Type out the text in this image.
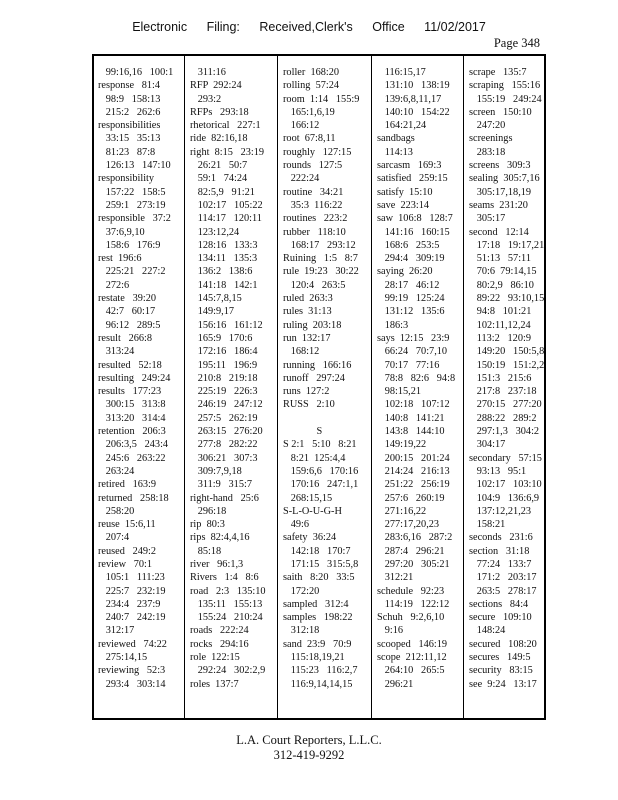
Electronic Filing: Received,Clerk's Office 11/02/2017
Page 348
99:16,16   100:1
response   81:4
98:9   158:13
215:2   262:6
responsibilities
33:15   35:13
81:23   87:8
126:13   147:10
responsibility
157:22   158:5
259:1   273:19
responsible   37:2
37:6,9,10
158:6   176:9
rest  196:6
225:21   227:2
272:6
restate   39:20
42:7   60:17
96:12   289:5
result   266:8
313:24
resulted   52:18
resulting   249:24
results   177:23
300:15   313:8
313:20   314:4
retention   206:3
206:3,5   243:4
245:6   263:22
263:24
retired   163:9
returned   258:18
258:20
reuse  15:6,11
207:4
reused   249:2
review   70:1
105:1   111:23
225:7   232:19
234:4   237:9
240:7   242:19
312:17
reviewed   74:22
275:14,15
reviewing   52:3
293:4   303:14
311:16
RFP  292:24
293:2
RFPs   293:18
rhetorical   227:1
ride  82:16,18
right  8:15   23:19
26:21   50:7
59:1   74:24
82:5,9   91:21
102:17   105:22
114:17   120:11
123:12,24
128:16   133:3
134:11   135:3
136:2   138:6
141:18   142:1
145:7,8,15
149:9,17
156:16   161:12
165:9   170:6
172:16   186:4
195:11   196:9
210:8   219:18
225:19   226:3
246:19   247:12
257:5   262:19
263:15   276:20
277:8   282:22
306:21   307:3
309:7,9,18
311:9   315:7
right-hand   25:6
296:18
rip  80:3
rips  82:4,4,16
85:18
river   96:1,3
Rivers   1:4   8:6
road   2:3   135:10
135:11   155:13
155:24   210:24
roads   222:24
rocks   294:16
role  122:15
292:24   302:2,9
roles  137:7
roller  168:20
rolling  57:24
room  1:14   155:9
165:1,6,19
166:12
root  67:8,11
roughly   127:15
rounds   127:5
222:24
routine   34:21
35:3  116:22
routines   223:2
rubber   118:10
168:17   293:12
Ruining   1:5   8:7
rule  19:23   30:22
120:4   263:5
ruled  263:3
rules  31:13
ruling  203:18
run  132:17
168:12
running   166:16
runoff   297:24
runs  127:2
RUSS   2:10

S
S 2:1   5:10   8:21
8:21  125:4,4
159:6,6   170:16
170:16   247:1,1
268:15,15
S-L-O-U-G-H
49:6
safety  36:24
142:18   170:7
171:15   315:5,8
saith   8:20   33:5
172:20
sampled   312:4
samples   198:22
312:18
sand  23:9   70:9
115:18,19,21
115:23   116:2,7
116:9,14,14,15
116:15,17
131:10   138:19
139:6,8,11,17
140:10   154:22
164:21,24
sandbags
114:13
sarcasm   169:3
satisfied   259:15
satisfy  15:10
save  223:14
saw  106:8   128:7
141:16   160:15
168:6   253:5
294:4   309:19
saying  26:20
28:17   46:12
99:19   125:24
131:12   135:6
186:3
says  12:15   23:9
66:24   70:7,10
70:17   77:16
78:8   82:6   94:8
98:15,21
102:18   107:12
140:8   141:21
143:8   144:10
149:19,22
200:15   201:24
214:24   216:13
251:22   256:19
257:6   260:19
271:16,22
277:17,20,23
283:6,16   287:2
287:4   296:21
297:20   305:21
312:21
schedule   92:23
114:19   122:12
Schuh   9:2,6,10
9:16
scooped   146:19
scope  212:11,12
264:10   265:5
296:21
scrape   135:7
scraping   155:16
155:19   249:24
screen   150:10
247:20
screenings
283:18
screens   309:3
sealing  305:7,16
305:17,18,19
seams  231:20
305:17
second   12:14
17:18   19:17,21
51:13   57:11
70:6  79:14,15
80:2,9   86:10
89:22   93:10,15
94:8   101:21
102:11,12,24
113:2   120:9
149:20   150:5,8
150:19   151:2,2
151:3   215:6
217:8   237:18
270:15   277:20
288:22   289:2
297:1,3   304:2
304:17
secondary   57:15
93:13   95:1
102:17   103:10
104:9   136:6,9
137:12,21,23
158:21
seconds   231:6
section   31:18
77:24   133:7
171:2   203:17
263:5   278:17
sections   84:4
secure   109:10
148:24
secured   108:20
secures   149:5
security   83:15
see  9:24   13:17
L.A. Court Reporters, L.L.C.
312-419-9292
